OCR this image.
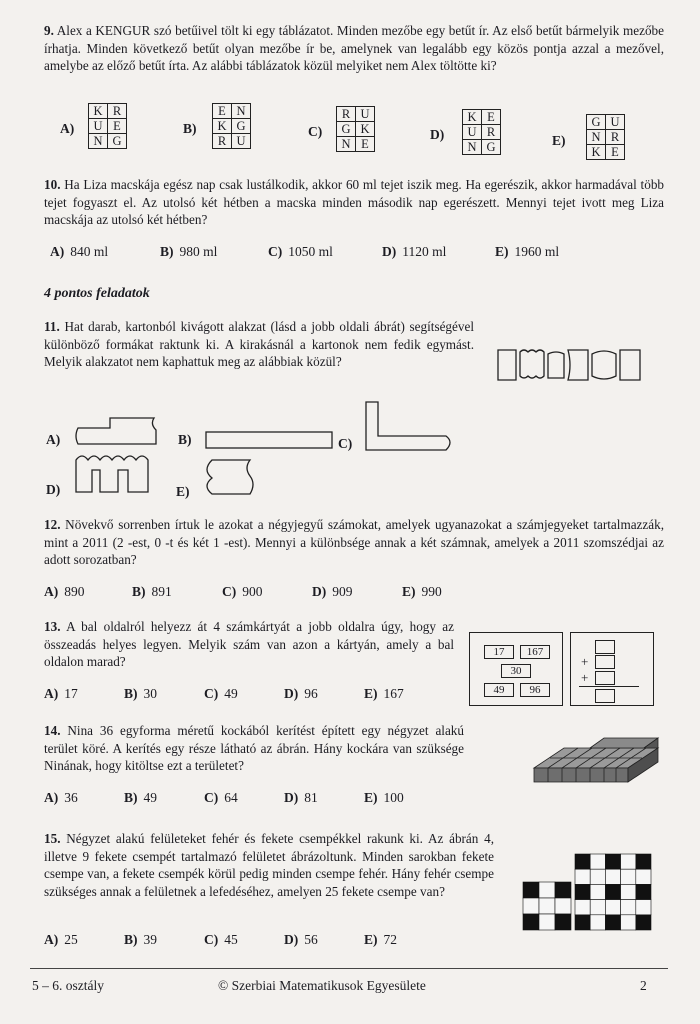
9. Alex a KENGUR szó betűivel tölt ki egy táblázatot. Minden mezőbe egy betűt ír. Az első betűt bármelyik mezőbe írhatja. Minden következő betűt olyan mezőbe ír be, amelynek van legalább egy közös pontja azzal a mezővel, amelybe az előző betűt írta. Az alábbi táblázatok közül melyiket nem Alex töltötte ki?
A)
K	R
U	E
N	G
B)
E	N
K	G
R	U
C)
R	U
G	K
N	E
D)
K	E
U	R
N	G	E)
G	U
N	R
K	E
10. Ha Liza macskája egész nap csak lustálkodik, akkor 60 ml tejet iszik meg. Ha egerészik, akkor harmadával több tejet fogyaszt el. Az utolsó két hétben a macska minden második nap egerészett. Mennyi tejet ivott meg Liza macskája az utolsó két hétben?
A) 840 ml	B) 980 ml	C) 1050 ml	D) 1120 ml	E) 1960 ml
4 pontos feladatok
11. Hat darab, kartonból kivágott alakzat (lásd a jobb oldali ábrát) segítségével különböző formákat raktunk ki. A kirakásnál a kartonok nem fedik egymást. Melyik alakzatot nem kaphattuk meg az alábbiak közül?
A)	B)	C)
D)	E)
12. Növekvő sorrenben írtuk le azokat a négyjegyű számokat, amelyek ugyanazokat a számjegyeket tartalmazzák, mint a 2011 (2 -est, 0 -t és két 1 -est). Mennyi a különbsége annak a két számnak, amelyek a 2011 szomszédjai az adott sorozatban?
A) 890	B) 891	C) 900	D) 909	E) 990
13. A bal oldalról helyezz át 4 számkártyát a jobb oldalra úgy, hogy az összeadás helyes legyen. Melyik szám van azon a kártyán, amely a bal oldalon marad?
A) 17	B) 30	C) 49	D) 96	E) 167
17	167
30
49	96
+
+
14. Nina 36 egyforma méretű kockából kerítést épített egy négyzet alakú terület köré. A kerítés egy része látható az ábrán. Hány kockára van szüksége Ninának, hogy kitöltse ezt a területet?
A) 36	B) 49	C) 64	D) 81	E) 100
15. Négyzet alakú felületeket fehér és fekete csempékkel rakunk ki. Az ábrán 4, illetve 9 fekete csempét tartalmazó felületet ábrázoltunk. Minden sarokban fekete csempe van, a fekete csempék körül pedig minden csempe fehér. Hány fehér csempe szükséges annak a felületnek a lefedéséhez, amelyen 25 fekete csempe van?
A) 25	B) 39	C) 45	D) 56	E) 72
5 – 6. osztály	© Szerbiai Matematikusok Egyesülete	2
